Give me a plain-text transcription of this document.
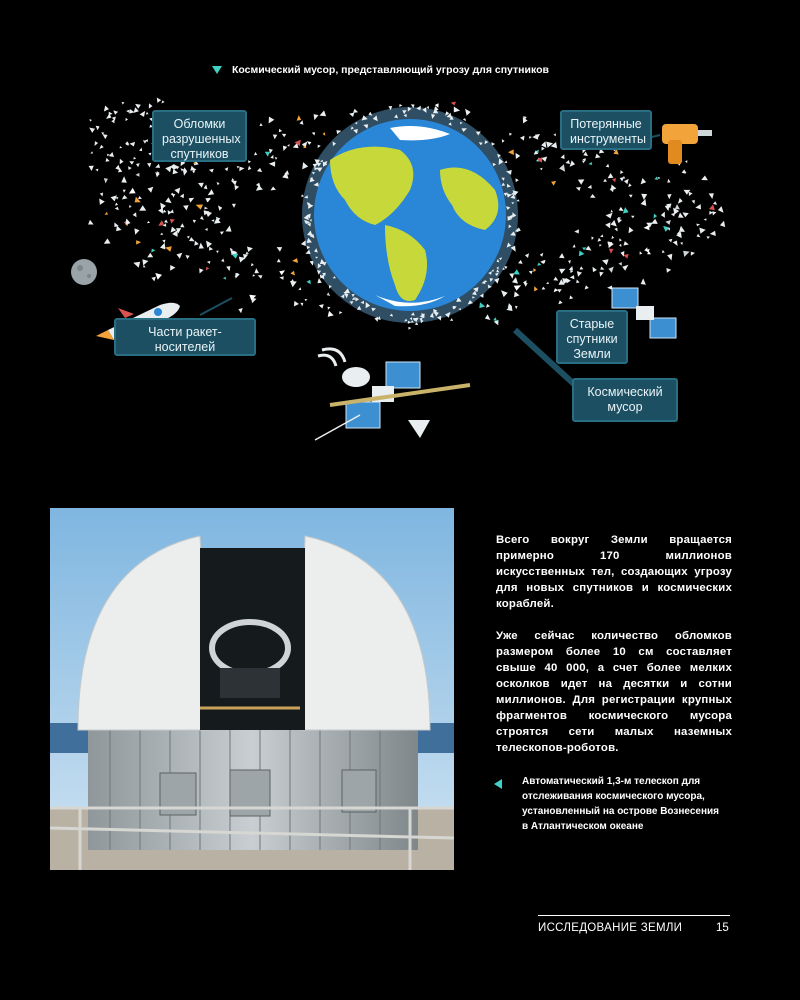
Космический мусор, представляющий угрозу для спутников
Обломки
разрушенных
спутников
Потерянные
инструменты
Части ракет-
носителей
Старые
спутники
Земли
Космический
мусор

Всего вокруг Земли вращается примерно 170 миллионов искусственных тел, создающих угрозу для новых спутников и космических кораблей.

Уже сейчас количество обломков размером более 10 см составляет свыше 40 000, а счет более мелких осколков идет на десятки и сотни миллионов. Для регистрации крупных фрагментов космического мусора строятся сети малых наземных телескопов-роботов.

Автоматический 1,3-м телескоп для отслеживания космического мусора, установленный на острове Вознесения в Атлантическом океане
ИССЛЕДОВАНИЕ ЗЕМЛИ	15
